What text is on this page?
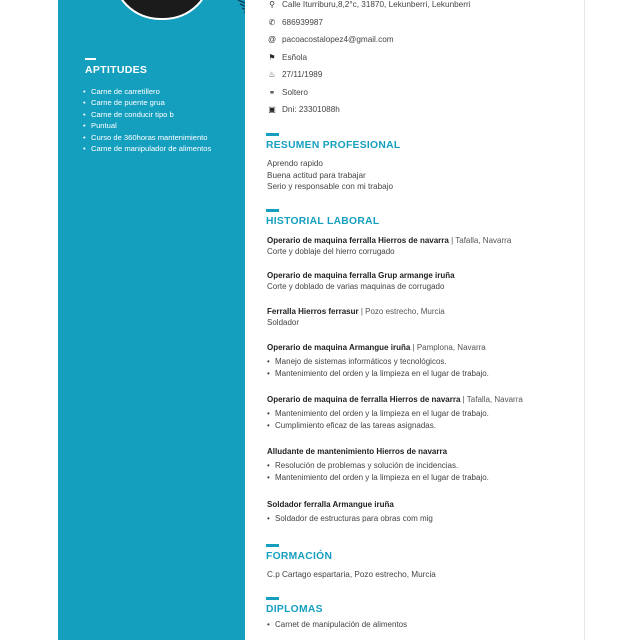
APTITUDES
• Carne de carretillero
• Carne de puente grua
• Carne de conducir tipo b
• Puntual
• Curso de 360horas mantenimiento
• Carne de manipulador de alimentos
⚲ Calle Iturriburu,8,2°c, 31870, Lekunberri, Lekunberri
✆ 686939987
@ pacoacostalopez4@gmail.com
⚑ Esñola
♨ 27/11/1989
⚭ Soltero
▣ Dni: 23301088h
RESUMEN PROFESIONAL
Aprendo rapido
Buena actitud para trabajar
Serio y responsable con mi trabajo
HISTORIAL LABORAL
Operario de maquina ferralla Hierros de navarra | Tafalla, Navarra
Corte y doblaje del hierro corrugado
Operario de maquina ferralla Grup armange iruña
Corte y doblado de varias maquinas de corrugado
Ferralla Hierros ferrasur | Pozo estrecho, Murcia
Soldador
Operario de maquina Armangue iruña | Pamplona, Navarra
• Manejo de sistemas informáticos y tecnológicos.
• Mantenimiento del orden y la limpieza en el lugar de trabajo.
Operario de maquina de ferralla Hierros de navarra | Tafalla, Navarra
• Mantenimiento del orden y la limpieza en el lugar de trabajo.
• Cumplimiento eficaz de las tareas asignadas.
Alludante de mantenimiento Hierros de navarra
• Resolución de problemas y solución de incidencias.
• Mantenimiento del orden y la limpieza en el lugar de trabajo.
Soldador ferralla Armangue iruña
• Soldador de estructuras para obras com mig
FORMACIÓN
C.p Cartago espartaria, Pozo estrecho, Murcia
DIPLOMAS
• Carnet de manipulación de alimentos
